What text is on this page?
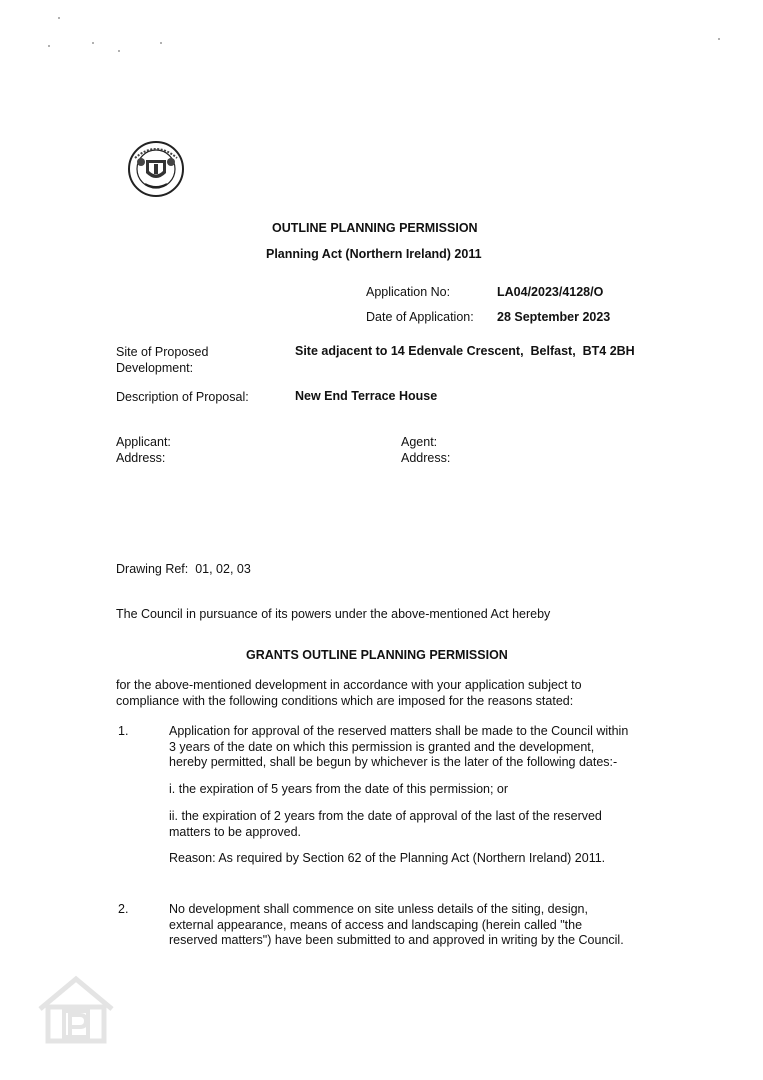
OUTLINE PLANNING PERMISSION
Planning Act (Northern Ireland) 2011
Application No:	LA04/2023/4128/O
Date of Application: 28 September 2023
Site of Proposed
Development:
Site adjacent to 14 Edenvale Crescent,  Belfast,  BT4 2BH
Description of Proposal:	New End Terrace House
Applicant:
Address:
Agent:
Address:
Drawing Ref:  01, 02, 03
The Council in pursuance of its powers under the above-mentioned Act hereby
GRANTS OUTLINE PLANNING PERMISSION
for the above-mentioned development in accordance with your application subject to
compliance with the following conditions which are imposed for the reasons stated:
1.	Application for approval of the reserved matters shall be made to the Council within
3 years of the date on which this permission is granted and the development,
hereby permitted, shall be begun by whichever is the later of the following dates:-
i. the expiration of 5 years from the date of this permission; or
ii. the expiration of 2 years from the date of approval of the last of the reserved
matters to be approved.
Reason: As required by Section 62 of the Planning Act (Northern Ireland) 2011.
2.	No development shall commence on site unless details of the siting, design,
external appearance, means of access and landscaping (herein called "the
reserved matters") have been submitted to and approved in writing by the Council.
